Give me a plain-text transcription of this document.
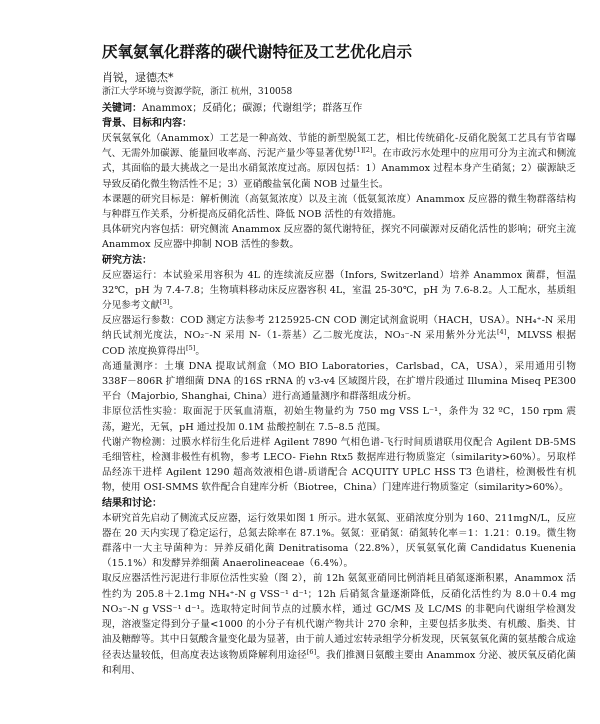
厌氧氨氧化群落的碳代谢特征及工艺优化启示

肖锐，逯德杰*

浙江大学环境与资源学院，浙江 杭州，310058

关键词：Anammox；反硝化；碳源；代谢组学；群落互作

背景、目标和内容：

厌氧氨氧化（Anammox）工艺是一种高效、节能的新型脱氮工艺，相比传统硝化-反硝化脱氮工艺具有节省曝气、无需外加碳源、能量回收率高、污泥产量少等显著优势[1][2]。在市政污水处理中的应用可分为主流式和侧流式，其面临的最大挑战之一是出水硝氮浓度过高。原因包括：1）Anammox 过程本身产生硝氮；2）碳源缺乏导致反硝化微生物活性不足；3）亚硝酸盐氧化菌 NOB 过量生长。

本课题的研究目标是：解析侧流（高氨氮浓度）以及主流（低氨氮浓度）Anammox 反应器的微生物群落结构与种群互作关系，分析提高反硝化活性、降低 NOB 活性的有效措施。

具体研究内容包括：研究侧流 Anammox 反应器的氮代谢特征，探究不同碳源对反硝化活性的影响；研究主流 Anammox 反应器中抑制 NOB 活性的参数。

研究方法：

反应器运行：本试验采用容积为 4L 的连续流反应器（Infors, Switzerland）培养 Anammox 菌群，恒温 32℃，pH 为 7.4-7.8；生物填料移动床反应器容积 4L，室温 25-30℃，pH 为 7.6-8.2。人工配水，基质组分见参考文献[3]。

反应器运行参数：COD 测定方法参考 2125925-CN COD 测定试剂盒说明（HACH，USA）。NH₄⁺-N 采用纳氏试剂光度法，NO₂⁻-N 采用 N-（1-萘基）乙二胺光度法，NO₃⁻-N 采用紫外分光法[4]，MLVSS 根据 COD 浓度换算得出[5]。

高通量测序：土壤 DNA 提取试剂盒（MO BIO Laboratories，Carlsbad，CA，USA），采用通用引物 338F－806R 扩增细菌 DNA 的16S rRNA 的 v3-v4 区域图片段，在扩增片段通过 Illumina Miseq PE300 平台（Majorbio, Shanghai, China）进行高通量测序和群落组成分析。

非原位活性实验：取面泥于厌氧血清瓶，初始生物量约为 750 mg VSS L⁻¹，条件为 32 ºC，150 rpm 震荡，避光，无氧，pH 通过投加 0.1M 盐酸控制在 7.5–8.5 范围。

代谢产物检测：过膜水样衍生化后进样 Agilent 7890 气相色谱-飞行时间质谱联用仪配合 Agilent DB-5MS 毛细管柱，检测非极性有机物，参考 LECO- Fiehn Rtx5 数据库进行物质鉴定（similarity>60%）。另取样品经冻干进样 Agilent 1290 超高效液相色谱-质谱配合 ACQUITY UPLC HSS T3 色谱柱，检测极性有机物，使用 OSI-SMMS 软件配合自建库分析（Biotree，China）门建库进行物质鉴定（similarity>60%）。

结果和讨论：

本研究首先启动了侧流式反应器，运行效果如图 1 所示。进水氨氮、亚硝浓度分别为 160、211mgN/L，反应器在 20 天内实现了稳定运行，总氮去除率在 87.1%。氨氮：亚硝氮：硝氮转化率＝1：1.21：0.19。微生物群落中一大主导菌种为：异养反硝化菌 Denitratisoma（22.8%），厌氧氨氧化菌 Candidatus Kuenenia（15.1%）和发酵异养细菌 Anaerolineaceae（6.4%）。

取反应器活性污泥进行非原位活性实验（图 2），前 12h 氨氮亚硝同比例消耗且硝氮逐渐积累，Anammox 活性约为 205.8＋2.1mg NH₄⁺-N g VSS⁻¹ d⁻¹；12h 后硝氮含量逐渐降低，反硝化活性约为 8.0＋0.4 mg NO₃⁻-N g VSS⁻¹ d⁻¹。选取特定时间节点的过膜水样，通过 GC/MS 及 LC/MS 的非靶向代谢组学检测发现，溶液鉴定得到分子量<1000 的小分子有机代谢产物共计 270 余种，主要包括多肽类、有机酸、脂类、甘油及糖醇等。其中日氨酸含量变化最为显著，由于前人通过宏转录组学分析发现，厌氧氨氧化菌的氨基酸合成途径表达量较低，但高度表达该物质降解利用途径[6]。我们推测日氨酸主要由 Anammox 分泌、被厌氧反硝化菌和利用、
